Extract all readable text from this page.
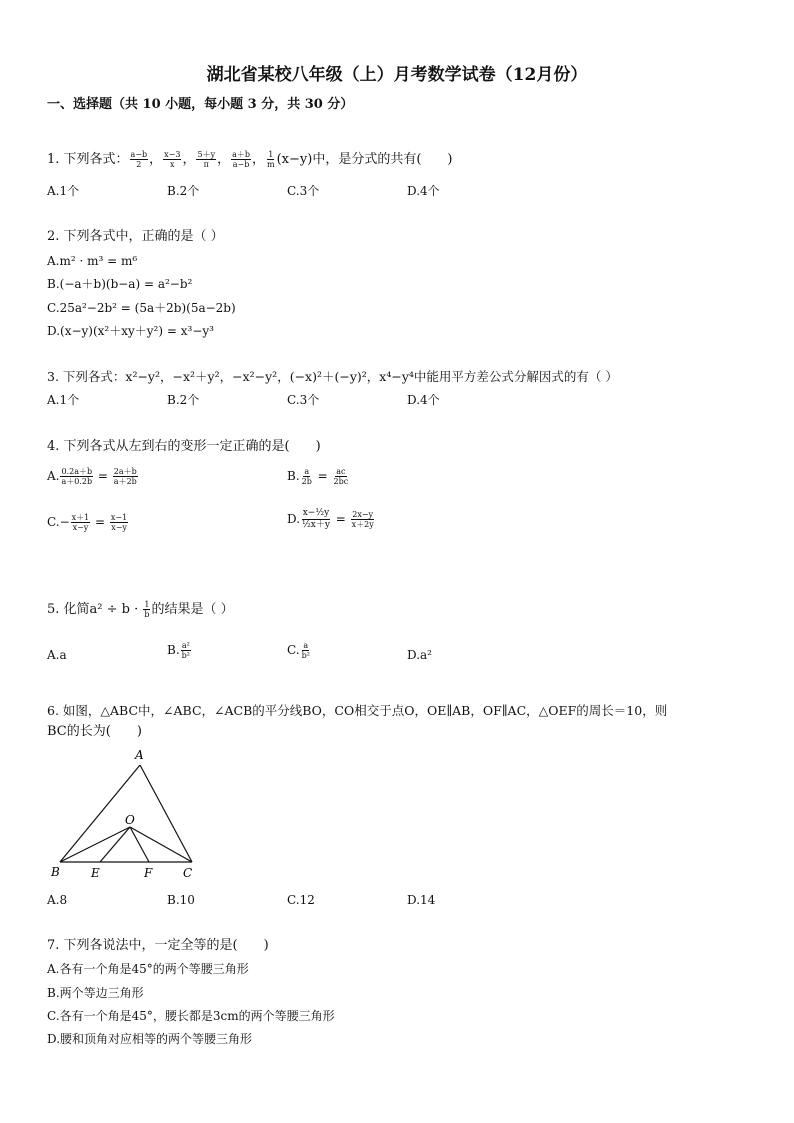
湖北省某校八年级（上）月考数学试卷（12月份）
一、选择题（共 10 小题，每小题 3 分，共 30 分）
1. 下列各式： $\frac{a-b}{2}$ ， $\frac{x-3}{x}$ ， $\frac{5+y}{\pi}$ ， $\frac{a+b}{a-b}$ ， $\frac{1}{m} (x-y)$中，是分式的共有(　　)
A.1个	B.2个	C.3个	D.4个
2. 下列各式中，正确的是（ ）
A.m² · m³ = m⁶
B.(−a＋b)(b−a) = a²−b²
C.25a²−2b² = (5a＋2b)(5a−2b)
D.(x−y)(x²＋xy＋y²) = x³−y³
3. 下列各式：x²−y²，−x²＋y²，−x²−y²，(−x)²＋(−y)²，x⁴−y⁴中能用平方差公式分解因式的有（ ）
A.1个	B.2个	C.3个	D.4个
4. 下列各式从左到右的变形一定正确的是(　　)
A. $\frac{0.2a+b}{a+0.2b} = \frac{2a+b}{a+2b}$	B. $\frac{a}{2b} = \frac{ac}{2bc}$
$C.- \frac{x+1}{x-y} = \frac{x-1}{x-y}$	D. $\frac{\text{x−½y}}{\text{½x＋y}} = \frac{2x-y}{x+2y}$
5. 化简$a^2 \div b \cdot \frac{1}{b}$ 的结果是（ ）
A.a	B. $\frac{\text{a²}}{\text{b²}}$	C. $\frac{a}{\text{b²}}$	D.a²
6. 如图，△ABC中，∠ABC，∠ACB的平分线BO，CO相交于点O，OE∥AB，OF∥AC，△OEF的周长＝10，则
BC的长为(　　)
A
O
B	E	F	C
A.8	B.10	C.12	D.14
7. 下列各说法中，一定全等的是(　　)
A.各有一个角是45°的两个等腰三角形
B.两个等边三角形
C.各有一个角是45°，腰长都是3cm的两个等腰三角形
D.腰和顶角对应相等的两个等腰三角形
